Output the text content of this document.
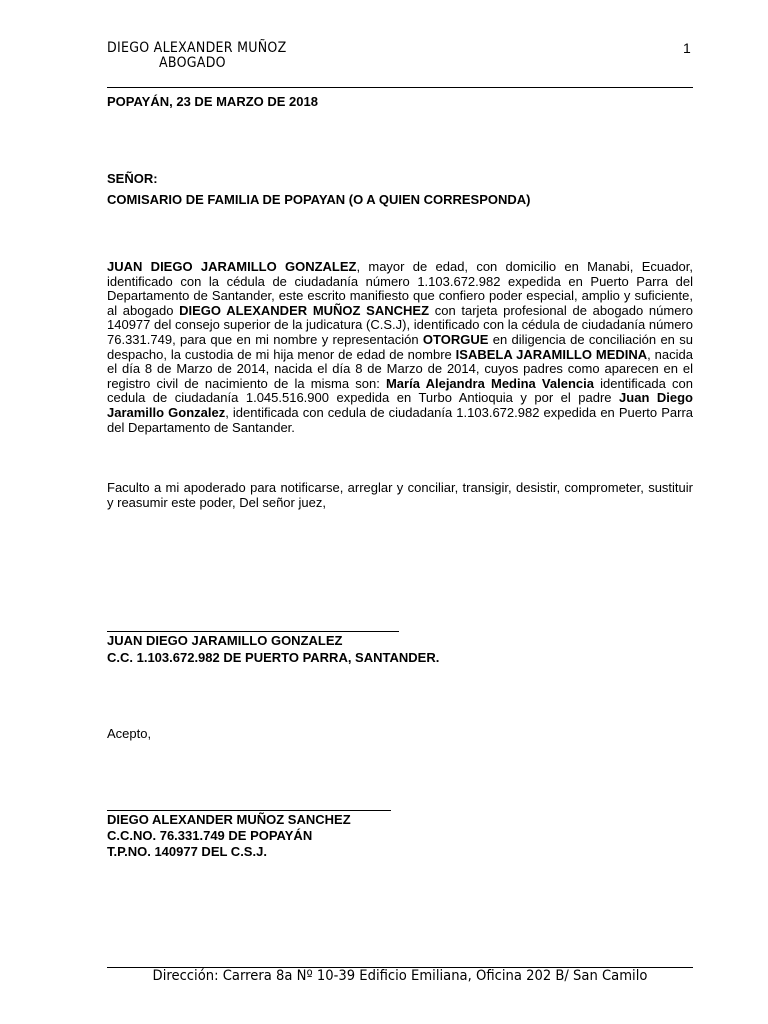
DIEGO ALEXANDER MUÑOZ
ABOGADO
1
POPAYÁN, 23 DE MARZO DE 2018
SEÑOR:
COMISARIO DE FAMILIA DE POPAYAN (O A QUIEN CORRESPONDA)
JUAN DIEGO JARAMILLO GONZALEZ, mayor de edad, con domicilio en Manabi, Ecuador, identificado con la cédula de ciudadanía número 1.103.672.982 expedida en Puerto Parra del Departamento de Santander, este escrito manifiesto que confiero poder especial, amplio y suficiente, al abogado DIEGO ALEXANDER MUÑOZ SANCHEZ con tarjeta profesional de abogado número 140977 del consejo superior de la judicatura (C.S.J), identificado con la cédula de ciudadanía número 76.331.749, para que en mi nombre y representación OTORGUE en diligencia de conciliación en su despacho, la custodia de mi hija menor de edad de nombre ISABELA JARAMILLO MEDINA, nacida el día 8 de Marzo de 2014, nacida el día 8 de Marzo de 2014, cuyos padres como aparecen en el registro civil de nacimiento de la misma son: María Alejandra Medina Valencia identificada con cedula de ciudadanía 1.045.516.900 expedida en Turbo Antioquia y por el padre Juan Diego Jaramillo Gonzalez, identificada con cedula de ciudadanía 1.103.672.982 expedida en Puerto Parra del Departamento de Santander.
Faculto a mi apoderado para notificarse, arreglar y conciliar, transigir, desistir, comprometer, sustituir y reasumir este poder, Del señor juez,
JUAN DIEGO JARAMILLO GONZALEZ
C.C. 1.103.672.982 DE PUERTO PARRA, SANTANDER.
Acepto,
DIEGO ALEXANDER MUÑOZ SANCHEZ
C.C.NO. 76.331.749 DE POPAYÁN
T.P.NO. 140977 DEL C.S.J.
Dirección: Carrera 8a Nº 10-39 Edificio Emiliana, Oficina 202 B/ San Camilo
